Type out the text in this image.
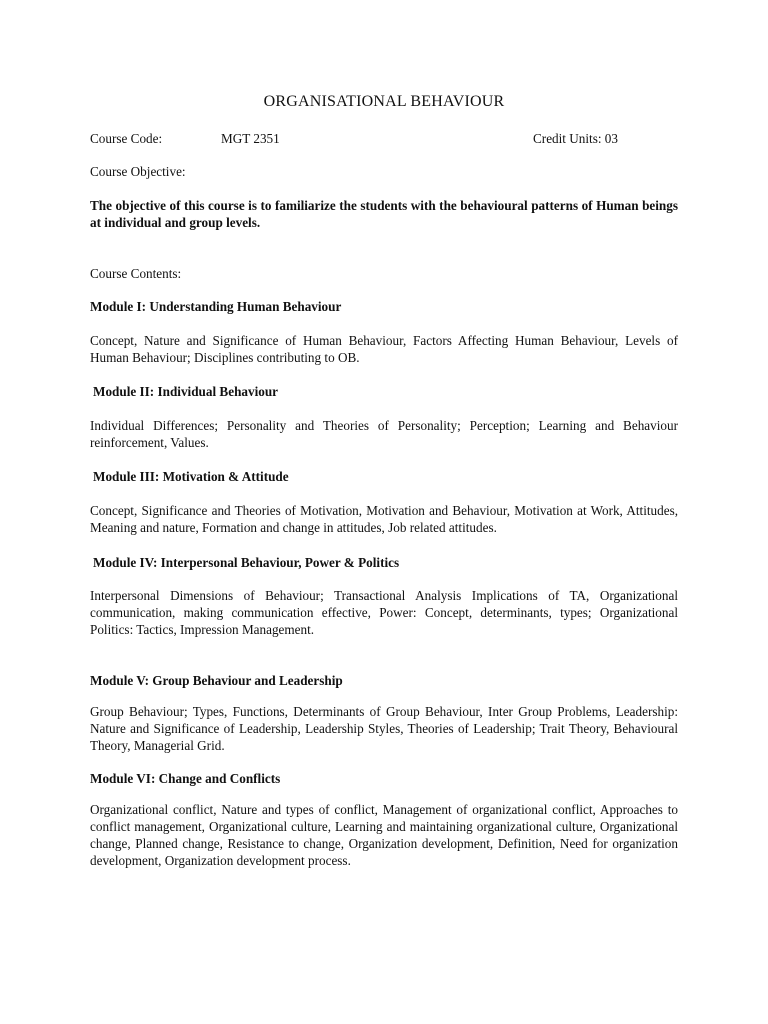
ORGANISATIONAL BEHAVIOUR
Course Code:	MGT 2351	Credit Units: 03
Course Objective:
The objective of this course is to familiarize the students with the behavioural patterns of Human beings at individual and group levels.
Course Contents:
Module I: Understanding Human Behaviour
Concept, Nature and Significance of Human Behaviour, Factors Affecting Human Behaviour, Levels of Human Behaviour; Disciplines contributing to OB.
Module II: Individual Behaviour
Individual Differences; Personality and Theories of Personality; Perception; Learning and Behaviour reinforcement, Values.
Module III: Motivation & Attitude
Concept, Significance and Theories of Motivation, Motivation and Behaviour, Motivation at Work, Attitudes, Meaning and nature, Formation and change in attitudes, Job related attitudes.
Module IV: Interpersonal Behaviour, Power & Politics
Interpersonal Dimensions of Behaviour; Transactional Analysis Implications of TA, Organizational communication, making communication effective, Power: Concept, determinants, types; Organizational Politics: Tactics, Impression Management.
Module V: Group Behaviour and Leadership
Group Behaviour; Types, Functions, Determinants of Group Behaviour, Inter Group Problems, Leadership: Nature and Significance of Leadership, Leadership Styles, Theories of Leadership; Trait Theory, Behavioural Theory, Managerial Grid.
Module VI: Change and Conflicts
Organizational conflict, Nature and types of conflict, Management of organizational conflict, Approaches to conflict management, Organizational culture, Learning and maintaining organizational culture, Organizational change, Planned change, Resistance to change, Organization development, Definition, Need for organization development, Organization development process.
